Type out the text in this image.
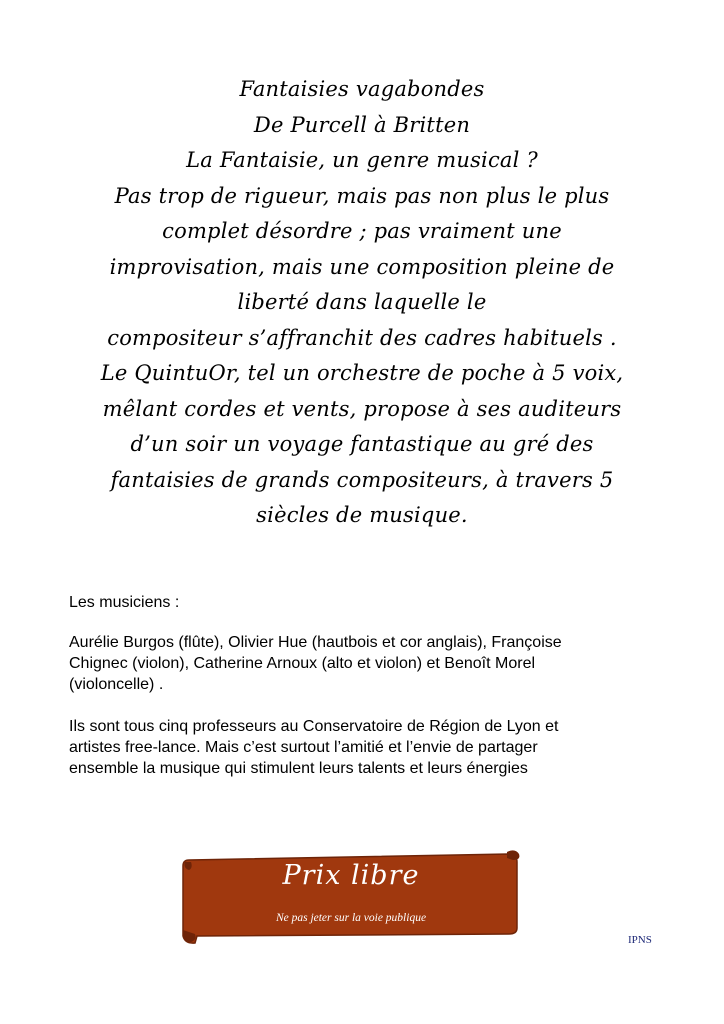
Fantaisies vagabondes
De Purcell à Britten
La Fantaisie, un genre musical ?
Pas trop de rigueur, mais pas non plus le plus
complet désordre ; pas vraiment une
improvisation, mais une composition pleine de
liberté dans laquelle le
compositeur s’affranchit des cadres habituels .
Le QuintuOr, tel un orchestre de poche à 5 voix,
mêlant cordes et vents, propose à ses auditeurs
d’un soir un voyage fantastique au gré des
fantaisies de grands compositeurs, à travers 5
siècles de musique.
Les musiciens :
Aurélie Burgos (flûte), Olivier Hue (hautbois et cor anglais), Françoise
Chignec (violon), Catherine Arnoux (alto et violon) et Benoît Morel
(violoncelle) .
Ils sont tous cinq professeurs au Conservatoire de Région de Lyon et
artistes free-lance. Mais c’est surtout l’amitié et l’envie de partager
ensemble la musique qui stimulent leurs talents et leurs énergies
Prix libre
Ne pas jeter sur la voie publique
IPNS
